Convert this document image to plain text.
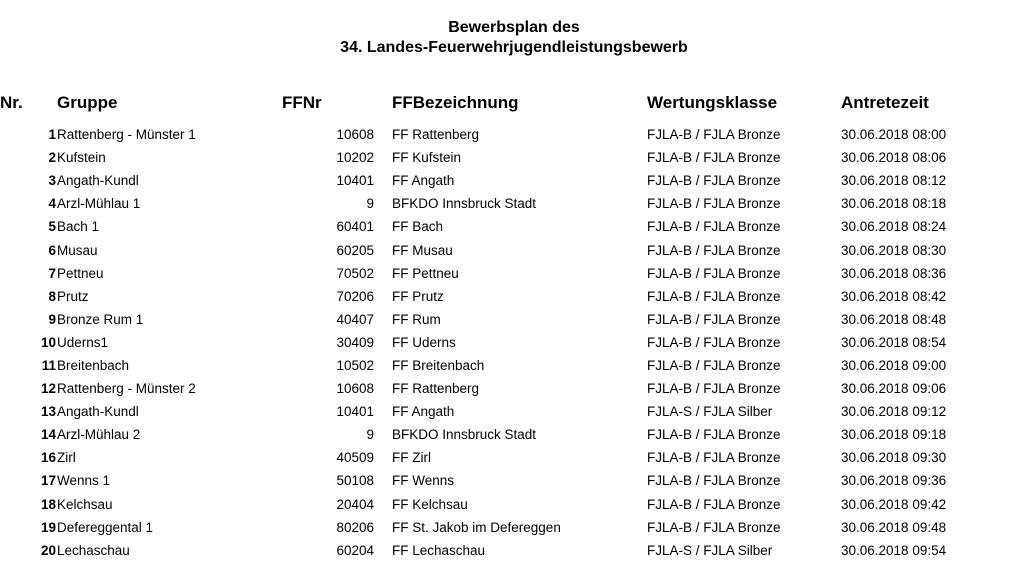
Bewerbsplan des
34. Landes-Feuerwehrjugendleistungsbewerb
Nr.	Gruppe	FFNr	FFBezeichnung	Wertungsklasse	Antretezeit

1	Rattenberg - Münster 1	10608	FF Rattenberg	FJLA-B / FJLA Bronze	30.06.2018 08:00
2	Kufstein	10202	FF Kufstein	FJLA-B / FJLA Bronze	30.06.2018 08:06
3	Angath-Kundl	10401	FF Angath	FJLA-B / FJLA Bronze	30.06.2018 08:12
4	Arzl-Mühlau 1	9	BFKDO Innsbruck Stadt	FJLA-B / FJLA Bronze	30.06.2018 08:18
5	Bach 1	60401	FF Bach	FJLA-B / FJLA Bronze	30.06.2018 08:24
6	Musau	60205	FF Musau	FJLA-B / FJLA Bronze	30.06.2018 08:30
7	Pettneu	70502	FF Pettneu	FJLA-B / FJLA Bronze	30.06.2018 08:36
8	Prutz	70206	FF Prutz	FJLA-B / FJLA Bronze	30.06.2018 08:42
9	Bronze Rum 1	40407	FF Rum	FJLA-B / FJLA Bronze	30.06.2018 08:48
10	Uderns1	30409	FF Uderns	FJLA-B / FJLA Bronze	30.06.2018 08:54
11	Breitenbach	10502	FF Breitenbach	FJLA-B / FJLA Bronze	30.06.2018 09:00
12	Rattenberg - Münster 2	10608	FF Rattenberg	FJLA-B / FJLA Bronze	30.06.2018 09:06
13	Angath-Kundl	10401	FF Angath	FJLA-S / FJLA Silber	30.06.2018 09:12
14	Arzl-Mühlau 2	9	BFKDO Innsbruck Stadt	FJLA-B / FJLA Bronze	30.06.2018 09:18
16	Zirl	40509	FF Zirl	FJLA-B / FJLA Bronze	30.06.2018 09:30
17	Wenns 1	50108	FF Wenns	FJLA-B / FJLA Bronze	30.06.2018 09:36
18	Kelchsau	20404	FF Kelchsau	FJLA-B / FJLA Bronze	30.06.2018 09:42
19	Defereggental 1	80206	FF St. Jakob im Defereggen	FJLA-B / FJLA Bronze	30.06.2018 09:48
20	Lechaschau	60204	FF Lechaschau	FJLA-S / FJLA Silber	30.06.2018 09:54
